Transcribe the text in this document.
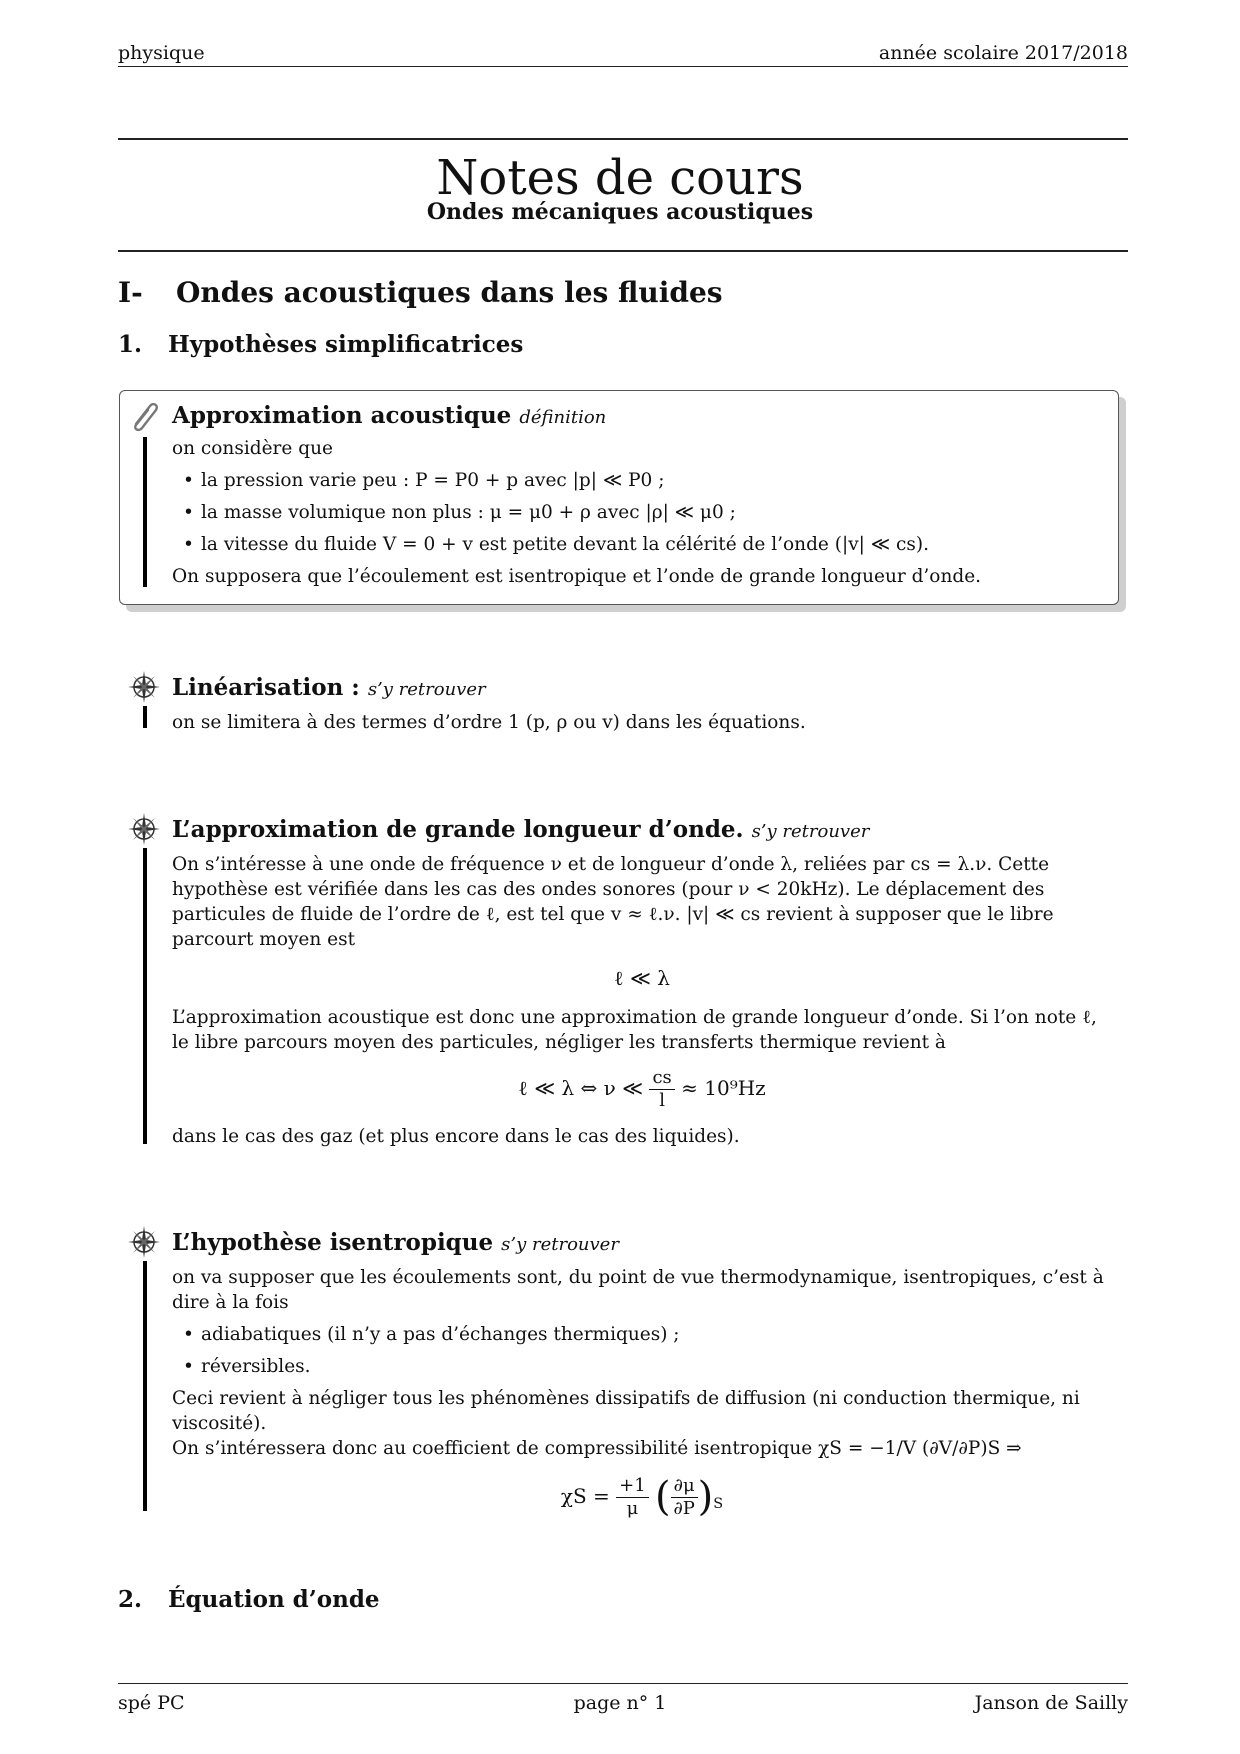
physique	année scolaire 2017/2018
Notes de cours
Ondes mécaniques acoustiques
I- Ondes acoustiques dans les fluides
1. Hypothèses simplificatrices
Approximation acoustique définition
on considère que
• la pression varie peu : P = P0 + p avec |p| ≪ P0 ;
• la masse volumique non plus : μ = μ0 + ρ avec |ρ| ≪ μ0 ;
• la vitesse du fluide V = 0 + v est petite devant la célérité de l’onde (|v| ≪ cs).
On supposera que l’écoulement est isentropique et l’onde de grande longueur d’onde.
Linéarisation : s’y retrouver
on se limitera à des termes d’ordre 1 (p, ρ ou v) dans les équations.
L’approximation de grande longueur d’onde. s’y retrouver
On s’intéresse à une onde de fréquence ν et de longueur d’onde λ, reliées par cs = λ.ν. Cette hypothèse est vérifiée dans les cas des ondes sonores (pour ν < 20kHz). Le déplacement des particules de fluide de l’ordre de ℓ, est tel que v ≈ ℓ.ν. |v| ≪ cs revient à supposer que le libre parcourt moyen est
ℓ ≪ λ
L’approximation acoustique est donc une approximation de grande longueur d’onde. Si l’on note ℓ, le libre parcours moyen des particules, négliger les transferts thermique revient à
ℓ ≪ λ ⇔ ν ≪ $\frac{cs}{l} \approx 10^9Hz$
dans le cas des gaz (et plus encore dans le cas des liquides).
L’hypothèse isentropique s’y retrouver
on va supposer que les écoulements sont, du point de vue thermodynamique, isentropiques, c’est à dire à la fois
• adiabatiques (il n’y a pas d’échanges thermiques) ;
• réversibles.
Ceci revient à négliger tous les phénomènes dissipatifs de diffusion (ni conduction thermique, ni viscosité).
On s’intéressera donc au coefficient de compressibilité isentropique χS = −1/V (∂V/∂P)S ⇒
$\chi S = \frac{+1}{\mu}$ ( $\frac{\partial\mu}{\partial P} )_S$
2. Équation d’onde
spé PC	page n° 1	Janson de Sailly
